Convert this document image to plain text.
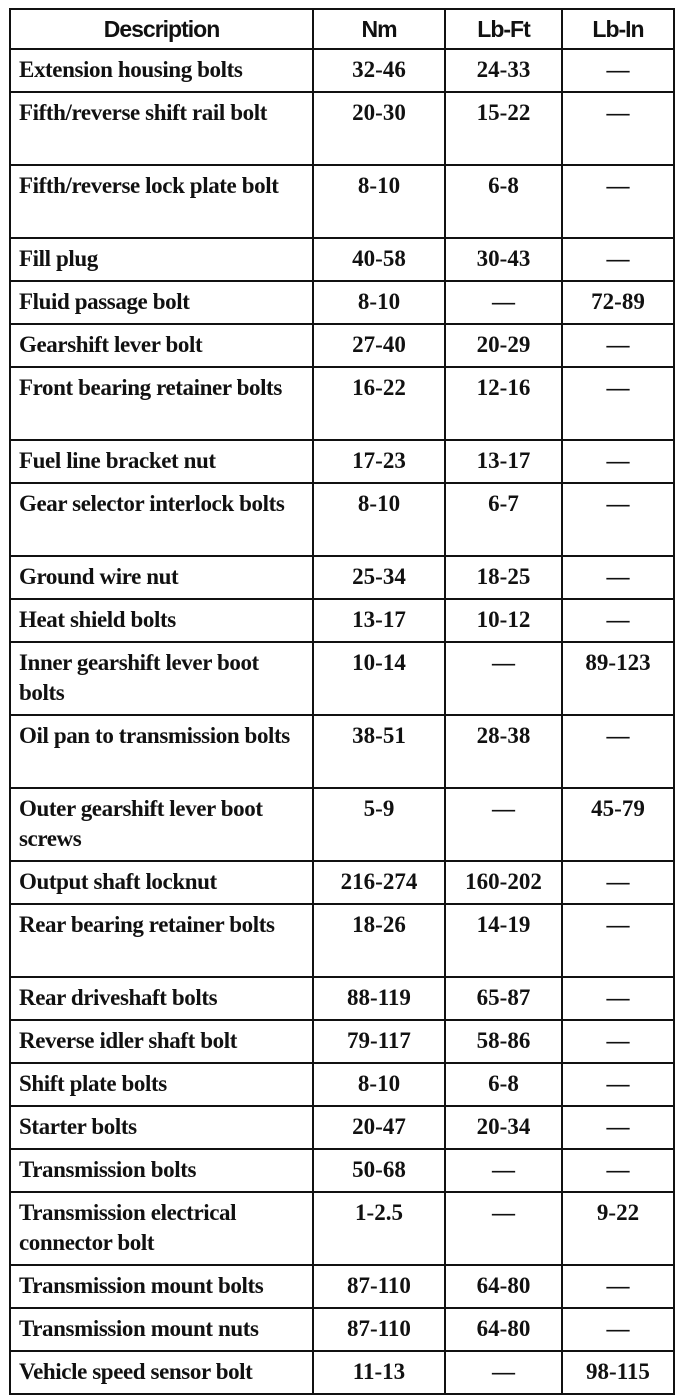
Description	Nm	Lb-Ft	Lb-In
Extension housing bolts	32-46	24-33	—
Fifth/reverse shift rail bolt	20-30	15-22	—
Fifth/reverse lock plate bolt	8-10	6-8	—
Fill plug	40-58	30-43	—
Fluid passage bolt	8-10	—	72-89
Gearshift lever bolt	27-40	20-29	—
Front bearing retainer bolts	16-22	12-16	—
Fuel line bracket nut	17-23	13-17	—
Gear selector interlock bolts	8-10	6-7	—
Ground wire nut	25-34	18-25	—
Heat shield bolts	13-17	10-12	—
Inner gearshift lever boot bolts	10-14	—	89-123
Oil pan to transmission bolts	38-51	28-38	—
Outer gearshift lever boot screws	5-9	—	45-79
Output shaft locknut	216-274	160-202	—
Rear bearing retainer bolts	18-26	14-19	—
Rear driveshaft bolts	88-119	65-87	—
Reverse idler shaft bolt	79-117	58-86	—
Shift plate bolts	8-10	6-8	—
Starter bolts	20-47	20-34	—
Transmission bolts	50-68	—	—
Transmission electrical connector bolt	1-2.5	—	9-22
Transmission mount bolts	87-110	64-80	—
Transmission mount nuts	87-110	64-80	—
Vehicle speed sensor bolt	11-13	—	98-115
